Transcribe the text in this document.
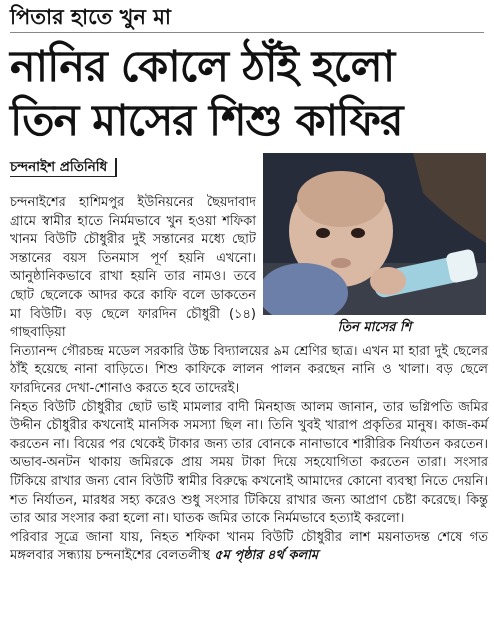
পিতার হাতে খুন মা
নানির কোলে ঠাঁই হলো
তিন মাসের শিশু কাফির
চন্দনাইশ প্রতিনিধি
তিন মাসের শি

চন্দনাইশের হাশিমপুর ইউনিয়নের ছৈয়দাবাদ গ্রামে স্বামীর হাতে নির্মমভাবে খুন হওয়া শফিকা খানম বিউটি চৌধুরীর দুই সন্তানের মধ্যে ছোট সন্তানের বয়স তিনমাস পূর্ণ হয়নি এখনো। আনুষ্ঠানিকভাবে রাখা হয়নি তার নামও। তবে ছোট ছেলেকে আদর করে কাফি বলে ডাকতেন মা বিউটি। বড় ছেলে ফারদিন চৌধুরী (১৪) গাছবাড়িয়া

নিত্যানন্দ গৌরচন্দ্র মডেল সরকারি উচ্চ বিদ্যালয়ের ৯ম শ্রেণির ছাত্র। এখন মা হারা দুই ছেলের ঠাঁই হয়েছে নানা বাড়িতে। শিশু কাফিকে লালন পালন করছেন নানি ও খালা। বড় ছেলে ফারদিনের দেখা-শোনাও করতে হবে তাদেরই।

নিহত বিউটি চৌধুরীর ছোট ভাই মামলার বাদী মিনহাজ আলম জানান, তার ভগ্নিপতি জমির উদ্দীন চৌধুরীর কখনোই মানসিক সমস্যা ছিল না। তিনি খুবই খারাপ প্রকৃতির মানুষ। কাজ-কর্ম করতেন না। বিয়ের পর থেকেই টাকার জন্য তার বোনকে নানাভাবে শারীরিক নির্যাতন করতেন। অভাব-অনটন থাকায় জমিরকে প্রায় সময় টাকা দিয়ে সহযোগিতা করতেন তারা। সংসার টিকিয়ে রাখার জন্য বোন বিউটি স্বামীর বিরুদ্ধে কখনোই আমাদের কোনো ব্যবস্থা নিতে দেয়নি। শত নির্যাতন, মারধর সহ্য করেও শুধু সংসার টিকিয়ে রাখার জন্য আপ্রাণ চেষ্টা করেছে। কিন্তু তার আর সংসার করা হলো না। ঘাতক জমির তাকে নির্মমভাবে হত্যাই করলো।

পরিবার সূত্রে জানা যায়, নিহত শফিকা খানম বিউটি চৌধুরীর লাশ ময়নাতদন্ত শেষে গত মঙ্গলবার সন্ধ্যায় চন্দনাইশের বেলতলীস্থ ৫ম পৃষ্ঠার ৪র্থ কলাম
